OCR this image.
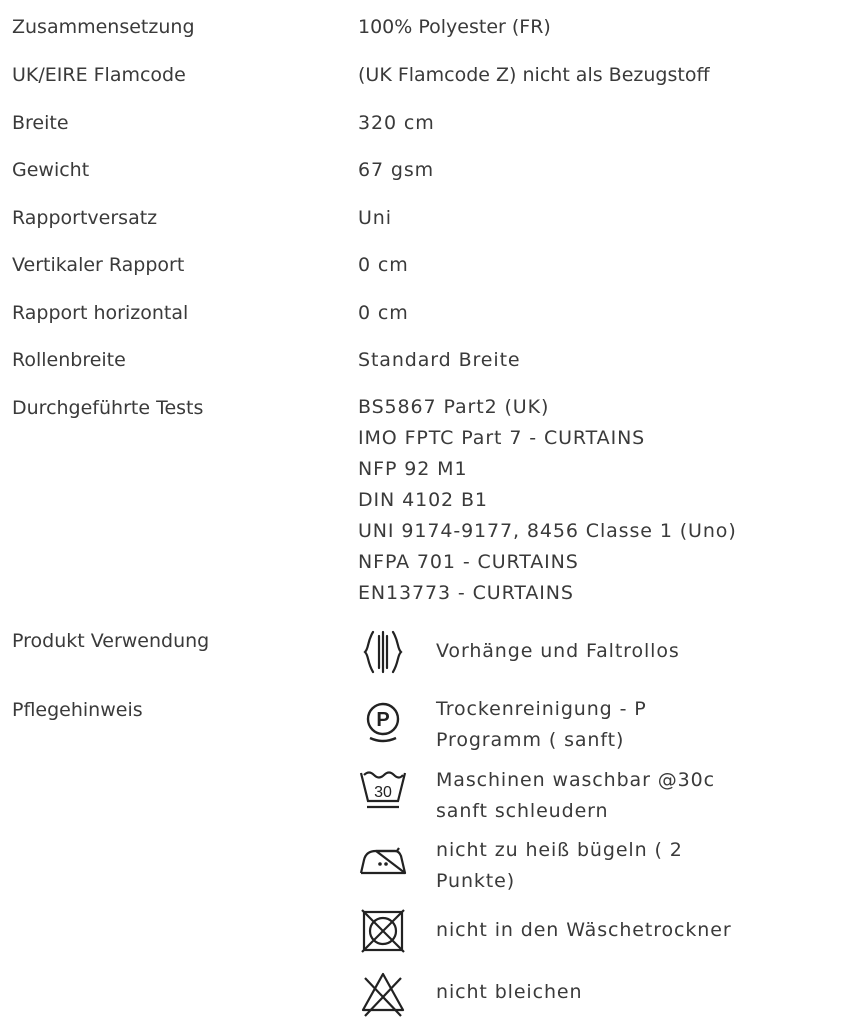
Zusammensetzung	100% Polyester (FR)
UK/EIRE Flamcode	(UK Flamcode Z) nicht als Bezugstoff
Breite	320 cm
Gewicht	67 gsm
Rapportversatz	Uni
Vertikaler Rapport	0 cm
Rapport horizontal	0 cm
Rollenbreite	Standard Breite
Durchgeführte Tests	BS5867 Part2 (UK)
IMO FPTC Part 7 - CURTAINS
NFP 92 M1
DIN 4102 B1
UNI 9174-9177, 8456 Classe 1 (Uno)
NFPA 701 - CURTAINS
EN13773 - CURTAINS
Produkt Verwendung	Vorhänge und Faltrollos
Pflegehinweis	P Trockenreinigung - P
Programm ( sanft)
30
Maschinen waschbar @30c
sanft schleudern
nicht zu heiß bügeln ( 2
Punkte)
nicht in den Wäschetrockner
nicht bleichen
